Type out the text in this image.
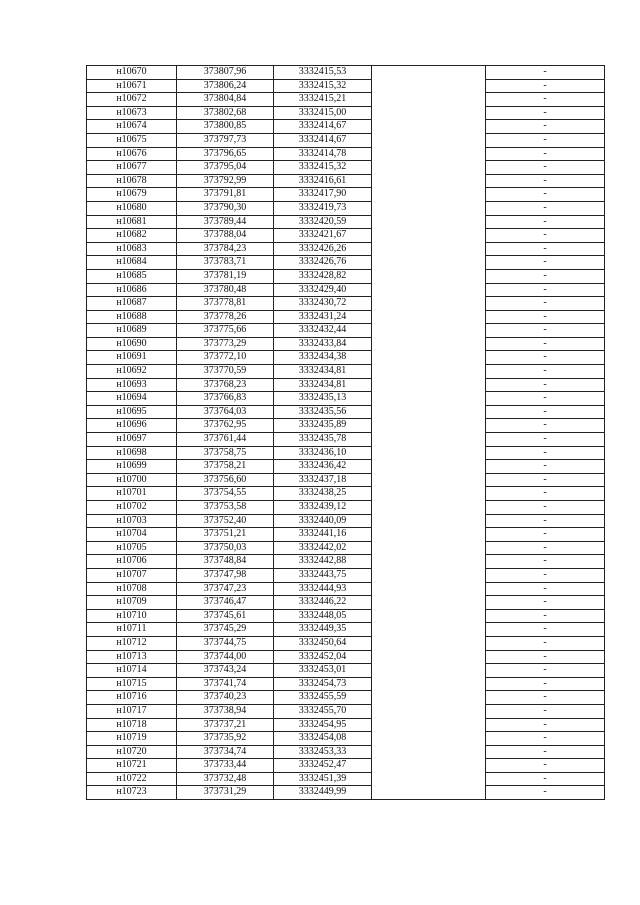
н10670	373807,96	3332415,53		-
н10671	373806,24	3332415,32		-
н10672	373804,84	3332415,21		-
н10673	373802,68	3332415,00		-
н10674	373800,85	3332414,67		-
н10675	373797,73	3332414,67		-
н10676	373796,65	3332414,78		-
н10677	373795,04	3332415,32		-
н10678	373792,99	3332416,61		-
н10679	373791,81	3332417,90		-
н10680	373790,30	3332419,73		-
н10681	373789,44	3332420,59		-
н10682	373788,04	3332421,67		-
н10683	373784,23	3332426,26		-
н10684	373783,71	3332426,76		-
н10685	373781,19	3332428,82		-
н10686	373780,48	3332429,40		-
н10687	373778,81	3332430,72		-
н10688	373778,26	3332431,24		-
н10689	373775,66	3332432,44		-
н10690	373773,29	3332433,84		-
н10691	373772,10	3332434,38		-
н10692	373770,59	3332434,81		-
н10693	373768,23	3332434,81		-
н10694	373766,83	3332435,13		-
н10695	373764,03	3332435,56		-
н10696	373762,95	3332435,89		-
н10697	373761,44	3332435,78		-
н10698	373758,75	3332436,10		-
н10699	373758,21	3332436,42		-
н10700	373756,60	3332437,18		-
н10701	373754,55	3332438,25		-
н10702	373753,58	3332439,12		-
н10703	373752,40	3332440,09		-
н10704	373751,21	3332441,16		-
н10705	373750,03	3332442,02		-
н10706	373748,84	3332442,88		-
н10707	373747,98	3332443,75		-
н10708	373747,23	3332444,93		-
н10709	373746,47	3332446,22		-
н10710	373745,61	3332448,05		-
н10711	373745,29	3332449,35		-
н10712	373744,75	3332450,64		-
н10713	373744,00	3332452,04		-
н10714	373743,24	3332453,01		-
н10715	373741,74	3332454,73		-
н10716	373740,23	3332455,59		-
н10717	373738,94	3332455,70		-
н10718	373737,21	3332454,95		-
н10719	373735,92	3332454,08		-
н10720	373734,74	3332453,33		-
н10721	373733,44	3332452,47		-
н10722	373732,48	3332451,39		-
н10723	373731,29	3332449,99		-
